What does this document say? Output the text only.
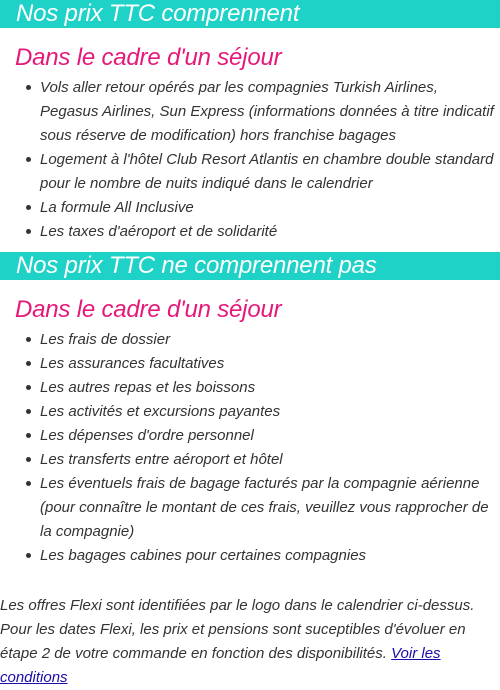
Nos prix TTC comprennent
Dans le cadre d'un séjour
Vols aller retour opérés par les compagnies Turkish Airlines, Pegasus Airlines, Sun Express (informations données à titre indicatif sous réserve de modification) hors franchise bagages
Logement à l'hôtel Club Resort Atlantis en chambre double standard pour le nombre de nuits indiqué dans le calendrier
La formule All Inclusive
Les taxes d'aéroport et de solidarité
Nos prix TTC ne comprennent pas
Dans le cadre d'un séjour
Les frais de dossier
Les assurances facultatives
Les autres repas et les boissons
Les activités et excursions payantes
Les dépenses d'ordre personnel
Les transferts entre aéroport et hôtel
Les éventuels frais de bagage facturés par la compagnie aérienne (pour connaître le montant de ces frais, veuillez vous rapprocher de la compagnie)
Les bagages cabines pour certaines compagnies

Les offres Flexi sont identifiées par le logo dans le calendrier ci-dessus. Pour les dates Flexi, les prix et pensions sont suceptibles d'évoluer en étape 2 de votre commande en fonction des disponibilités. Voir les conditions
